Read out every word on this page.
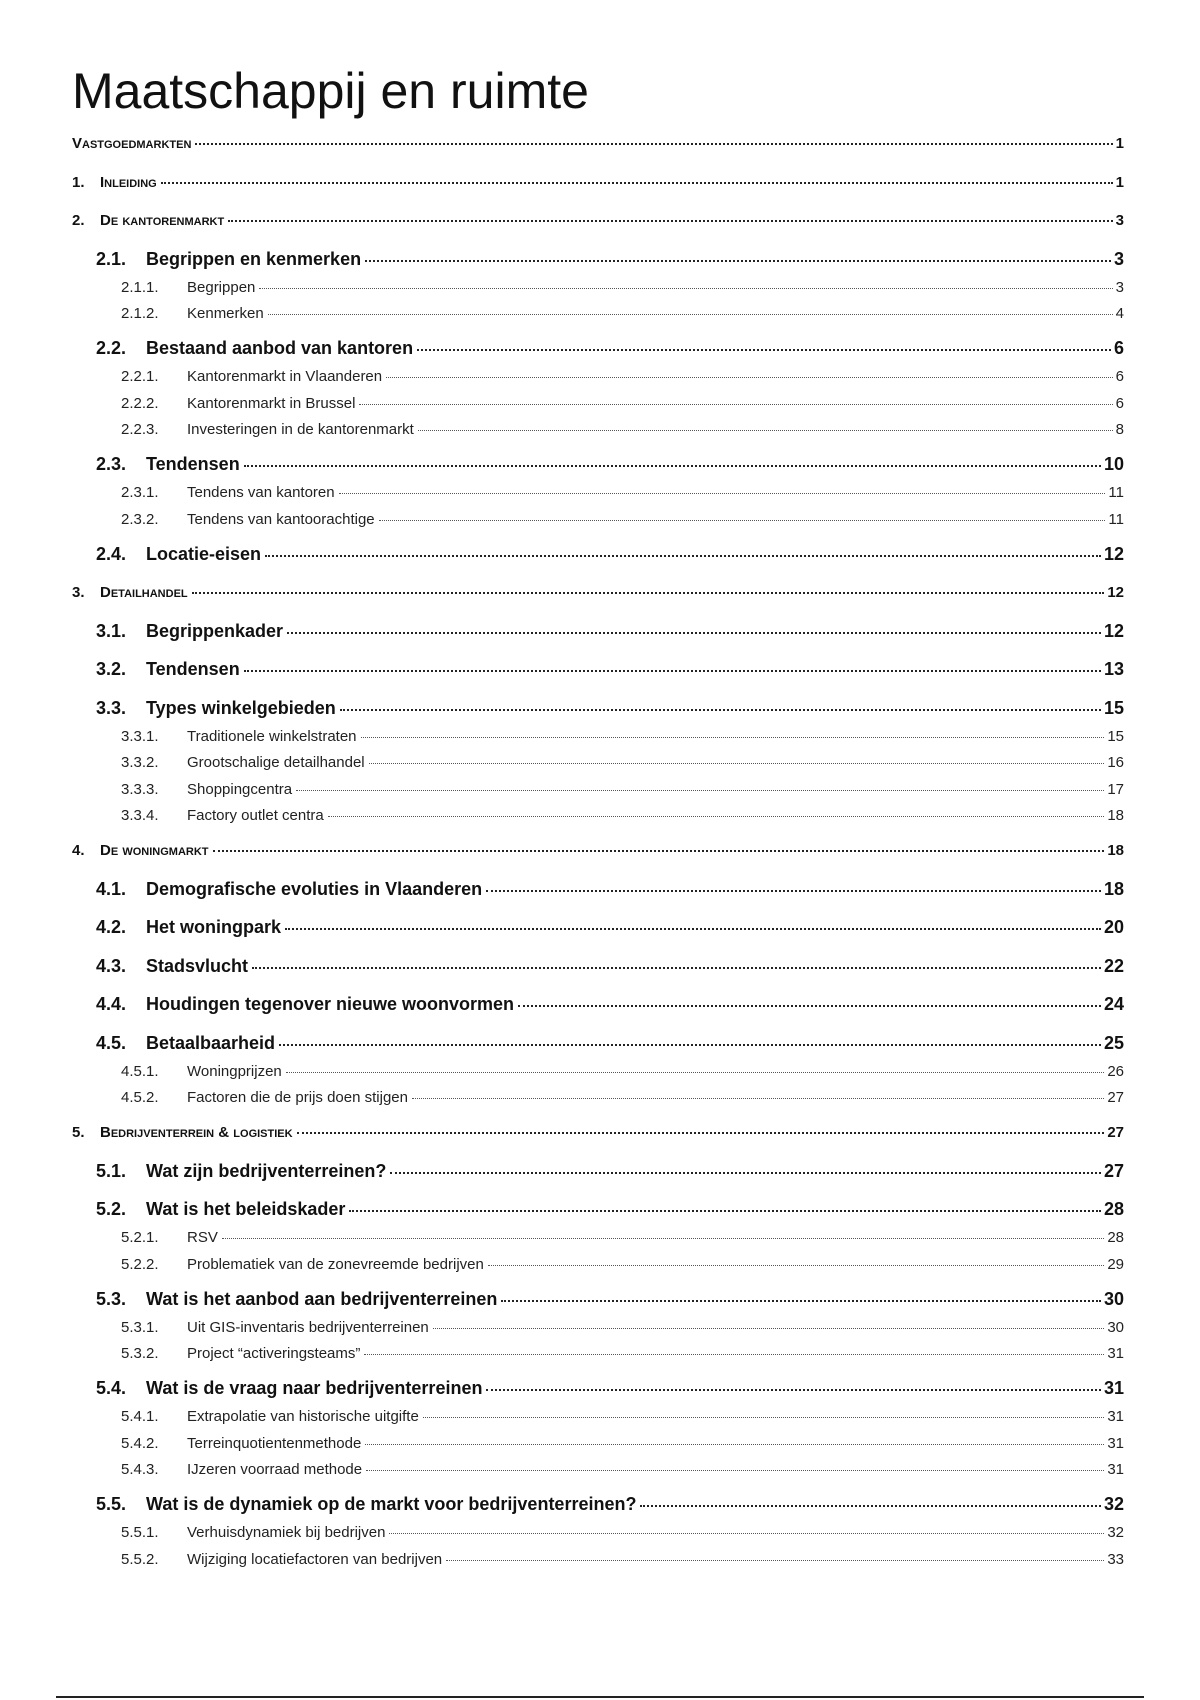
Maatschappij en ruimte
Vastgoedmarkten	1
1.	Inleiding	1
2.	De kantorenmarkt	3
2.1.	Begrippen en kenmerken	3
2.1.1.	Begrippen	3
2.1.2.	Kenmerken	4
2.2.	Bestaand aanbod van kantoren	6
2.2.1.	Kantorenmarkt in Vlaanderen	6
2.2.2.	Kantorenmarkt in Brussel	6
2.2.3.	Investeringen in de kantorenmarkt	8
2.3.	Tendensen	10
2.3.1.	Tendens van kantoren	11
2.3.2.	Tendens van kantoorachtige	11
2.4.	Locatie-eisen	12
3.	Detailhandel	12
3.1.	Begrippenkader	12
3.2.	Tendensen	13
3.3.	Types winkelgebieden	15
3.3.1.	Traditionele winkelstraten	15
3.3.2.	Grootschalige detailhandel	16
3.3.3.	Shoppingcentra	17
3.3.4.	Factory outlet centra	18
4.	De woningmarkt	18
4.1.	Demografische evoluties in Vlaanderen	18
4.2.	Het woningpark	20
4.3.	Stadsvlucht	22
4.4.	Houdingen tegenover nieuwe woonvormen	24
4.5.	Betaalbaarheid	25
4.5.1.	Woningprijzen	26
4.5.2.	Factoren die de prijs doen stijgen	27
5.	Bedrijventerrein & logistiek	27
5.1.	Wat zijn bedrijventerreinen?	27
5.2.	Wat is het beleidskader	28
5.2.1.	RSV	28
5.2.2.	Problematiek van de zonevreemde bedrijven	29
5.3.	Wat is het aanbod aan bedrijventerreinen	30
5.3.1.	Uit GIS-inventaris bedrijventerreinen	30
5.3.2.	Project “activeringsteams”	31
5.4.	Wat is de vraag naar bedrijventerreinen	31
5.4.1.	Extrapolatie van historische uitgifte	31
5.4.2.	Terreinquotientenmethode	31
5.4.3.	IJzeren voorraad methode	31
5.5.	Wat is de dynamiek op de markt voor bedrijventerreinen?	32
5.5.1.	Verhuisdynamiek bij bedrijven	32
5.5.2.	Wijziging locatiefactoren van bedrijven	33
